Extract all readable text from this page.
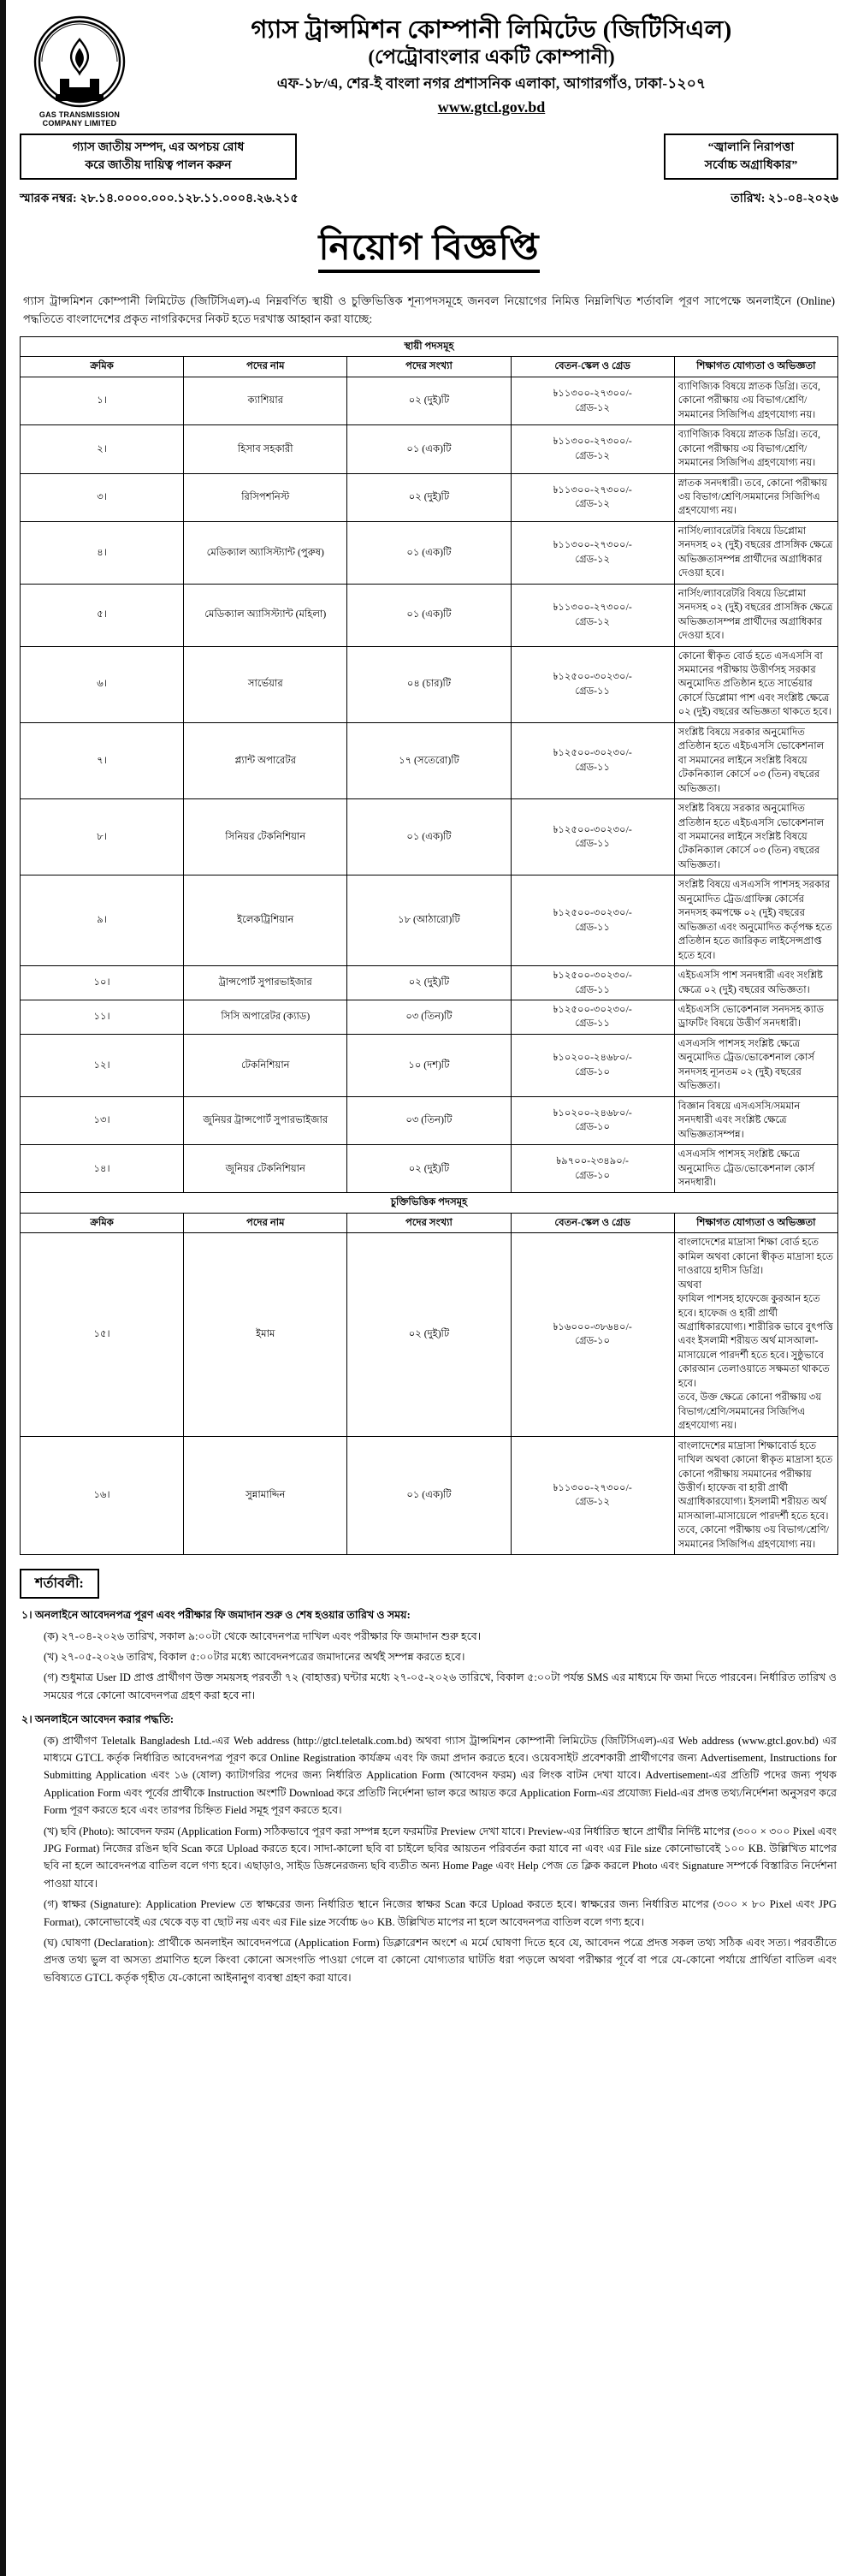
GAS TRANSMISSION
COMPANY LIMITED
গ্যাস ট্রান্সমিশন কোম্পানী লিমিটেড (জিটিসিএল)
(পেট্রোবাংলার একটি কোম্পানী)
এফ-১৮/এ, শের-ই বাংলা নগর প্রশাসনিক এলাকা, আগারগাঁও, ঢাকা-১২০৭
www.gtcl.gov.bd
গ্যাস জাতীয় সম্পদ, এর অপচয় রোধ
করে জাতীয় দায়িত্ব পালন করুন
“জ্বালানি নিরাপত্তা
সর্বোচ্চ অগ্রাধিকার”
স্মারক নম্বর: ২৮.১৪.০০০০.০০০.১২৮.১১.০০০৪.২৬.২১৫	তারিখ: ২১-০৪-২০২৬
নিয়োগ বিজ্ঞপ্তি
গ্যাস ট্রান্সমিশন কোম্পানী লিমিটেড (জিটিসিএল)-এ নিম্নবর্ণিত স্থায়ী ও চুক্তিভিত্তিক শূন্যপদসমূহে জনবল নিয়োগের নিমিত্ত নিম্নলিখিত শর্তাবলি পূরণ সাপেক্ষে অনলাইনে (Online) পদ্ধতিতে বাংলাদেশের প্রকৃত নাগরিকদের নিকট হতে দরখাস্ত আহ্বান করা যাচ্ছে:
স্থায়ী পদসমূহ				
ক্রমিক	পদের নাম	পদের সংখ্যা	বেতন-স্কেল ও গ্রেড	শিক্ষাগত যোগ্যতা ও অভিজ্ঞতা
১।	ক্যাশিয়ার	০২ (দুই)টি	৳১১৩০০-২৭৩০০/-
গ্রেড-১২	ব্যাণিজ্যিক বিষয়ে স্নাতক ডিগ্রি। তবে, কোনো পরীক্ষায় ৩য় বিভাগ/শ্রেণি/সমমানের সিজিপিএ গ্রহণযোগ্য নয়।
২।	হিসাব সহকারী	০১ (এক)টি	৳১১৩০০-২৭৩০০/-
গ্রেড-১২	ব্যাণিজ্যিক বিষয়ে স্নাতক ডিগ্রি। তবে, কোনো পরীক্ষায় ৩য় বিভাগ/শ্রেণি/সমমানের সিজিপিএ গ্রহণযোগ্য নয়।
৩।	রিসিপশনিস্ট	০২ (দুই)টি	৳১১৩০০-২৭৩০০/-
গ্রেড-১২	স্নাতক সনদধারী। তবে, কোনো পরীক্ষায় ৩য় বিভাগ/শ্রেণি/সমমানের সিজিপিএ গ্রহণযোগ্য নয়।
৪।	মেডিক্যাল অ্যাসিস্ট্যান্ট (পুরুষ)	০১ (এক)টি	৳১১৩০০-২৭৩০০/-
গ্রেড-১২	নার্সিং/ল্যাবরেটরি বিষয়ে ডিপ্লোমা সনদসহ ০২ (দুই) বছরের প্রাসঙ্গিক ক্ষেত্রে অভিজ্ঞতাসম্পন্ন প্রার্থীদের অগ্রাধিকার দেওয়া হবে।
৫।	মেডিক্যাল অ্যাসিস্ট্যান্ট (মহিলা)	০১ (এক)টি	৳১১৩০০-২৭৩০০/-
গ্রেড-১২	নার্সিং/ল্যাবরেটরি বিষয়ে ডিপ্লোমা সনদসহ ০২ (দুই) বছরের প্রাসঙ্গিক ক্ষেত্রে অভিজ্ঞতাসম্পন্ন প্রার্থীদের অগ্রাধিকার দেওয়া হবে।
৬।	সার্ভেয়ার	০৪ (চার)টি	৳১২৫০০-৩০২৩০/-
গ্রেড-১১	কোনো স্বীকৃত বোর্ড হতে এসএসসি বা সমমানের পরীক্ষায় উত্তীর্ণসহ সরকার অনুমোদিত প্রতিষ্ঠান হতে সার্ভেয়ার কোর্সে ডিপ্লোমা পাশ এবং সংশ্লিষ্ট ক্ষেত্রে ০২ (দুই) বছরের অভিজ্ঞতা থাকতে হবে।
৭।	প্ল্যান্ট অপারেটর	১৭ (সতেরো)টি	৳১২৫০০-৩০২৩০/-
গ্রেড-১১	সংশ্লিষ্ট বিষয়ে সরকার অনুমোদিত প্রতিষ্ঠান হতে এইচএসসি ভোকেশনাল বা সমমানের লাইনে সংশ্লিষ্ট বিষয়ে টেকনিক্যাল কোর্সে ০৩ (তিন) বছরের অভিজ্ঞতা।
৮।	সিনিয়র টেকনিশিয়ান	০১ (এক)টি	৳১২৫০০-৩০২৩০/-
গ্রেড-১১	সংশ্লিষ্ট বিষয়ে সরকার অনুমোদিত প্রতিষ্ঠান হতে এইচএসসি ভোকেশনাল বা সমমানের লাইনে সংশ্লিষ্ট বিষয়ে টেকনিক্যাল কোর্সে ০৩ (তিন) বছরের অভিজ্ঞতা।
৯।	ইলেকট্রিশিয়ান	১৮ (আঠারো)টি	৳১২৫০০-৩০২৩০/-
গ্রেড-১১	সংশ্লিষ্ট বিষয়ে এসএসসি পাশসহ সরকার অনুমোদিত ট্রেড/গ্রাফিক্স কোর্সের সনদসহ কমপক্ষে ০২ (দুই) বছরের অভিজ্ঞতা এবং অনুমোদিত কর্তৃপক্ষ হতে প্রতিষ্ঠান হতে জারিকৃত লাইসেন্সপ্রাপ্ত হতে হবে।
১০।	ট্রান্সপোর্ট সুপারভাইজার	০২ (দুই)টি	৳১২৫০০-৩০২৩০/-
গ্রেড-১১	এইচএসসি পাশ সনদধারী এবং সংশ্লিষ্ট ক্ষেত্রে ০২ (দুই) বছরের অভিজ্ঞতা।
১১।	সিসি অপারেটর (ক্যাড)	০৩ (তিন)টি	৳১২৫০০-৩০২৩০/-
গ্রেড-১১	এইচএসসি ভোকেশনাল সনদসহ ক্যাড ড্রাফটিং বিষয়ে উত্তীর্ণ সনদধারী।
১২।	টেকনিশিয়ান	১০ (দশ)টি	৳১০২০০-২৪৬৮০/-
গ্রেড-১০	এসএসসি পাশসহ সংশ্লিষ্ট ক্ষেত্রে অনুমোদিত ট্রেড/ভোকেশনাল কোর্স সনদসহ ন্যূনতম ০২ (দুই) বছরের অভিজ্ঞতা।
১৩।	জুনিয়র ট্রান্সপোর্ট সুপারভাইজার	০৩ (তিন)টি	৳১০২০০-২৪৬৮০/-
গ্রেড-১০	বিজ্ঞান বিষয়ে এসএসসি/সমমান সনদধারী এবং সংশ্লিষ্ট ক্ষেত্রে অভিজ্ঞতাসম্পন্ন।
১৪।	জুনিয়র টেকনিশিয়ান	০২ (দুই)টি	৳৯৭০০-২৩৪৯০/-
গ্রেড-১০	এসএসসি পাশসহ সংশ্লিষ্ট ক্ষেত্রে অনুমোদিত ট্রেড/ভোকেশনাল কোর্স সনদধারী।
চুক্তিভিত্তিক পদসমূহ				
ক্রমিক	পদের নাম	পদের সংখ্যা	বেতন-স্কেল ও গ্রেড	শিক্ষাগত যোগ্যতা ও অভিজ্ঞতা
১৫।	ইমাম	০২ (দুই)টি	৳১৬০০০-৩৮৬৪০/-
গ্রেড-১০	বাংলাদেশের মাদ্রাসা শিক্ষা বোর্ড হতে কামিল অথবা কোনো স্বীকৃত মাদ্রাসা হতে দাওরায়ে হাদীস ডিগ্রি।
অথবা
ফাযিল পাশসহ হাফেজে কুরআন হতে হবে। হাফেজ ও হারী প্রার্থী অগ্রাধিকারযোগ্য। শারীরিক ভাবে বুৎপত্তি এবং ইসলামী শরীয়ত অর্থ মাসআলা-মাসায়েলে পারদর্শী হতে হবে। সুষ্ঠুভাবে কোরআন তেলাওয়াতে সক্ষমতা থাকতে হবে।
তবে, উক্ত ক্ষেত্রে কোনো পরীক্ষায় ৩য় বিভাগ/শ্রেণি/সমমানের সিজিপিএ গ্রহণযোগ্য নয়।
১৬।	সুন্নামাদ্দিন	০১ (এক)টি	৳১১৩০০-২৭৩০০/-
গ্রেড-১২	বাংলাদেশের মাদ্রাসা শিক্ষাবোর্ড হতে দাখিল অথবা কোনো স্বীকৃত মাদ্রাসা হতে কোনো পরীক্ষায় সমমানের পরীক্ষায় উত্তীর্ণ। হাফেজ বা হারী প্রার্থী অগ্রাধিকারযোগ্য। ইসলামী শরীয়ত অর্থ মাসআলা-মাসায়েলে পারদর্শী হতে হবে। তবে, কোনো পরীক্ষায় ৩য় বিভাগ/শ্রেণি/সমমানের সিজিপিএ গ্রহণযোগ্য নয়।
শর্তাবলী:
১। অনলাইনে আবেদনপত্র পূরণ এবং পরীক্ষার ফি জমাদান শুরু ও শেষ হওয়ার তারিখ ও সময়:
(ক) ২৭-০৪-২০২৬ তারিখ, সকাল ৯:০০টা থেকে আবেদনপত্র দাখিল এবং পরীক্ষার ফি জমাদান শুরু হবে।
(খ) ২৭-০৫-২০২৬ তারিখ, বিকাল ৫:০০টার মধ্যে আবেদনপত্রের জমাদানের অর্থই সম্পন্ন করতে হবে।
(গ) শুধুমাত্র User ID প্রাপ্ত প্রার্থীগণ উক্ত সময়সহ পরবর্তী ৭২ (বাহাত্তর) ঘন্টার মধ্যে ২৭-০৫-২০২৬ তারিখে, বিকাল ৫:০০টা পর্যন্ত SMS এর মাধ্যমে ফি জমা দিতে পারবেন। নির্ধারিত তারিখ ও সময়ের পরে কোনো আবেদনপত্র গ্রহণ করা হবে না।
২। অনলাইনে আবেদন করার পদ্ধতি:
(ক) প্রার্থীগণ Teletalk Bangladesh Ltd.-এর Web address (http://gtcl.teletalk.com.bd) অথবা গ্যাস ট্রান্সমিশন কোম্পানী লিমিটেড (জিটিসিএল)-এর Web address (www.gtcl.gov.bd) এর মাধ্যমে GTCL কর্তৃক নির্ধারিত আবেদনপত্র পূরণ করে Online Registration কার্যক্রম এবং ফি জমা প্রদান করতে হবে। ওয়েবসাইট প্রবেশকারী প্রার্থীগণের জন্য Advertisement, Instructions for Submitting Application এবং ১৬ (ষোল) ক্যাটাগরির পদের জন্য নির্ধারিত Application Form (আবেদন ফরম) এর লিংক বাটন দেখা যাবে। Advertisement-এর প্রতিটি পদের জন্য পৃথক Application Form এবং পূর্বের প্রার্থীকে Instruction অংশটি Download করে প্রতিটি নির্দেশনা ভাল করে আয়ত করে Application Form-এর প্রযোজ্য Field-এর প্রদত্ত তথ্য/নির্দেশনা অনুসরণ করে Form পূরণ করতে হবে এবং তারপর চিহ্নিত Field সমূহ পূরণ করতে হবে।
(খ) ছবি (Photo): আবেদন ফরম (Application Form) সঠিকভাবে পূরণ করা সম্পন্ন হলে ফরমটির Preview দেখা যাবে। Preview-এর নির্ধারিত স্থানে প্রার্থীর নির্দিষ্ট মাপের (৩০০ × ৩০০ Pixel এবং JPG Format) নিজের রঙিন ছবি Scan করে Upload করতে হবে। সাদা-কালো ছবি বা চাইলে ছবির আয়তন পরিবর্তন করা যাবে না এবং এর File size কোনোভাবেই ১০০ KB. উল্লিখিত মাপের ছবি না হলে আবেদনপত্র বাতিল বলে গণ্য হবে। এছাড়াও, সাইড ডিঙ্গনেরজন্য ছবি ব্যতীত অন্য Home Page এবং Help পেজ তে ক্লিক করলে Photo এবং Signature সম্পর্কে বিস্তারিত নির্দেশনা পাওয়া যাবে।
(গ) স্বাক্ষর (Signature): Application Preview তে স্বাক্ষরের জন্য নির্ধারিত স্থানে নিজের স্বাক্ষর Scan করে Upload করতে হবে। স্বাক্ষরের জন্য নির্ধারিত মাপের (৩০০ × ৮০ Pixel এবং JPG Format), কোনোভাবেই এর থেকে বড় বা ছোট নয় এবং এর File size সর্বোচ্চ ৬০ KB. উল্লিখিত মাপের না হলে আবেদনপত্র বাতিল বলে গণ্য হবে।
(ঘ) ঘোষণা (Declaration): প্রার্থীকে অনলাইন আবেদনপত্রে (Application Form) ডিক্লারেশন অংশে এ মর্মে ঘোষণা দিতে হবে যে, আবেদন পত্রে প্রদত্ত সকল তথ্য সঠিক এবং সত্য। পরবর্তীতে প্রদত্ত তথ্য ভুল বা অসত্য প্রমাণিত হলে কিংবা কোনো অসংগতি পাওয়া গেলে বা কোনো যোগ্যতার ঘাটতি ধরা পড়লে অথবা পরীক্ষার পূর্বে বা পরে যে-কোনো পর্যায়ে প্রার্থিতা বাতিল এবং ভবিষ্যতে GTCL কর্তৃক গৃহীত যে-কোনো আইনানুগ ব্যবস্থা গ্রহণ করা যাবে।
